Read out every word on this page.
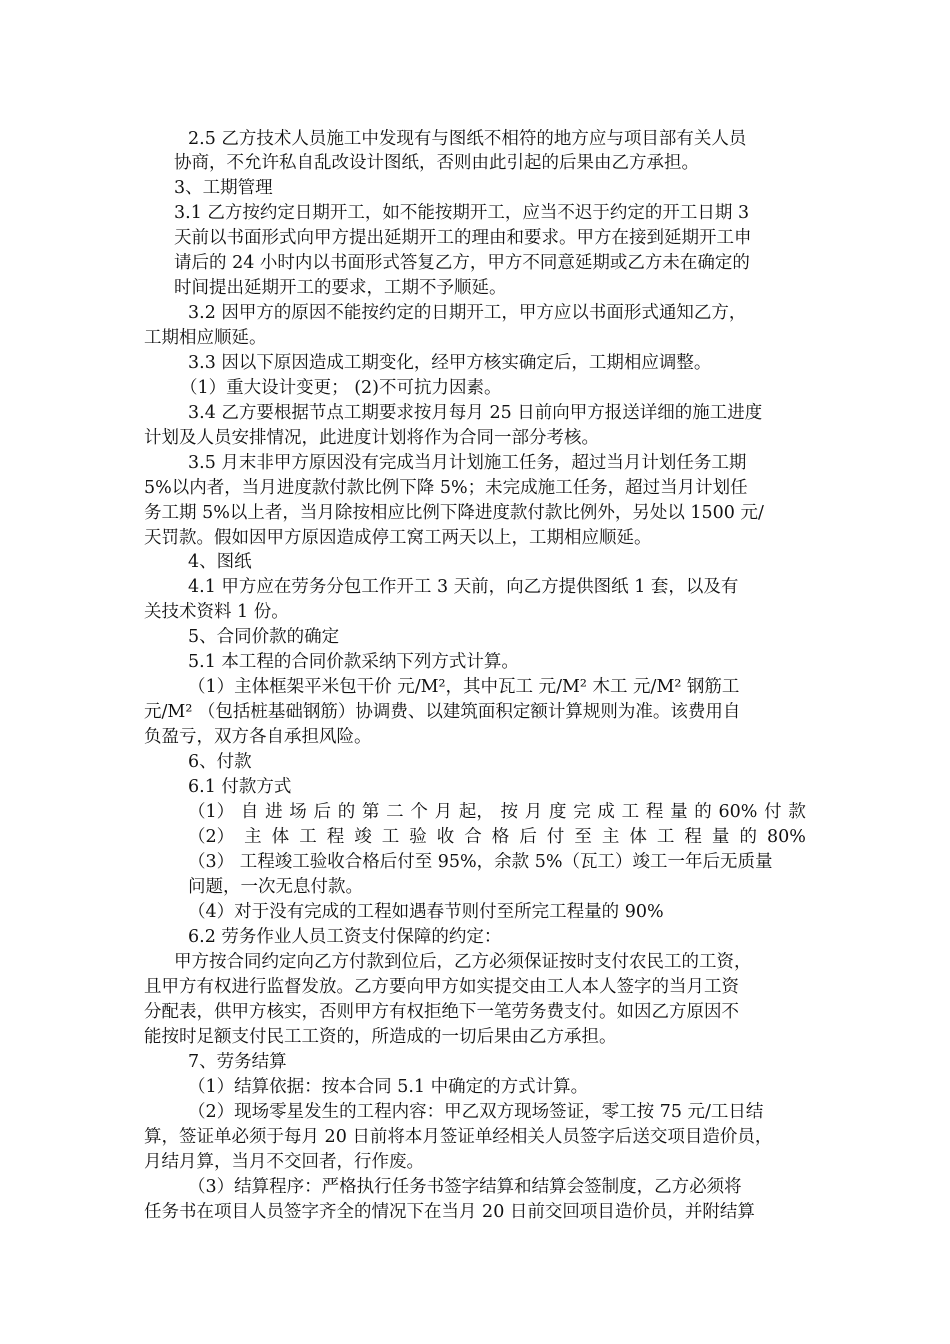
2.5 乙方技术人员施工中发现有与图纸不相符的地方应与项目部有关人员
协商，不允许私自乱改设计图纸，否则由此引起的后果由乙方承担。
3、工期管理
3.1 乙方按约定日期开工，如不能按期开工，应当不迟于约定的开工日期 3
天前以书面形式向甲方提出延期开工的理由和要求。甲方在接到延期开工申
请后的 24 小时内以书面形式答复乙方，甲方不同意延期或乙方未在确定的
时间提出延期开工的要求，工期不予顺延。
3.2 因甲方的原因不能按约定的日期开工，甲方应以书面形式通知乙方，
工期相应顺延。
3.3 因以下原因造成工期变化，经甲方核实确定后，工期相应调整。
（1）重大设计变更； (2)不可抗力因素。
3.4 乙方要根据节点工期要求按月每月 25 日前向甲方报送详细的施工进度
计划及人员安排情况，此进度计划将作为合同一部分考核。
3.5 月末非甲方原因没有完成当月计划施工任务，超过当月计划任务工期
5%以内者，当月进度款付款比例下降 5%；未完成施工任务，超过当月计划任
务工期 5%以上者，当月除按相应比例下降进度款付款比例外，另处以 1500 元/
天罚款。假如因甲方原因造成停工窝工两天以上，工期相应顺延。
4、图纸
4.1 甲方应在劳务分包工作开工 3 天前，向乙方提供图纸 1 套，以及有
关技术资料 1 份。
5、合同价款的确定
5.1 本工程的合同价款采纳下列方式计算。
（1）主体框架平米包干价 元/M²，其中瓦工 元/M² 木工 元/M² 钢筋工
元/M² （包括桩基础钢筋）协调费、以建筑面积定额计算规则为准。该费用自
负盈亏，双方各自承担风险。
6、付款
6.1 付款方式
（1） 自 进 场 后 的 第 二 个 月 起， 按 月 度 完 成 工 程 量 的 60% 付 款
（2） 主 体 工 程 竣 工 验 收 合 格 后 付 至 主 体 工 程 量 的 80%
（3） 工程竣工验收合格后付至 95%，余款 5%（瓦工）竣工一年后无质量
问题，一次无息付款。
（4）对于没有完成的工程如遇春节则付至所完工程量的 90%
6.2 劳务作业人员工资支付保障的约定：
甲方按合同约定向乙方付款到位后，乙方必须保证按时支付农民工的工资，
且甲方有权进行监督发放。乙方要向甲方如实提交由工人本人签字的当月工资
分配表，供甲方核实，否则甲方有权拒绝下一笔劳务费支付。如因乙方原因不
能按时足额支付民工工资的，所造成的一切后果由乙方承担。
7、劳务结算
（1）结算依据：按本合同 5.1 中确定的方式计算。
（2）现场零星发生的工程内容：甲乙双方现场签证，零工按 75 元/工日结
算，签证单必须于每月 20 日前将本月签证单经相关人员签字后送交项目造价员，
月结月算，当月不交回者，行作废。
（3）结算程序：严格执行任务书签字结算和结算会签制度，乙方必须将
任务书在项目人员签字齐全的情况下在当月 20 日前交回项目造价员，并附结算
